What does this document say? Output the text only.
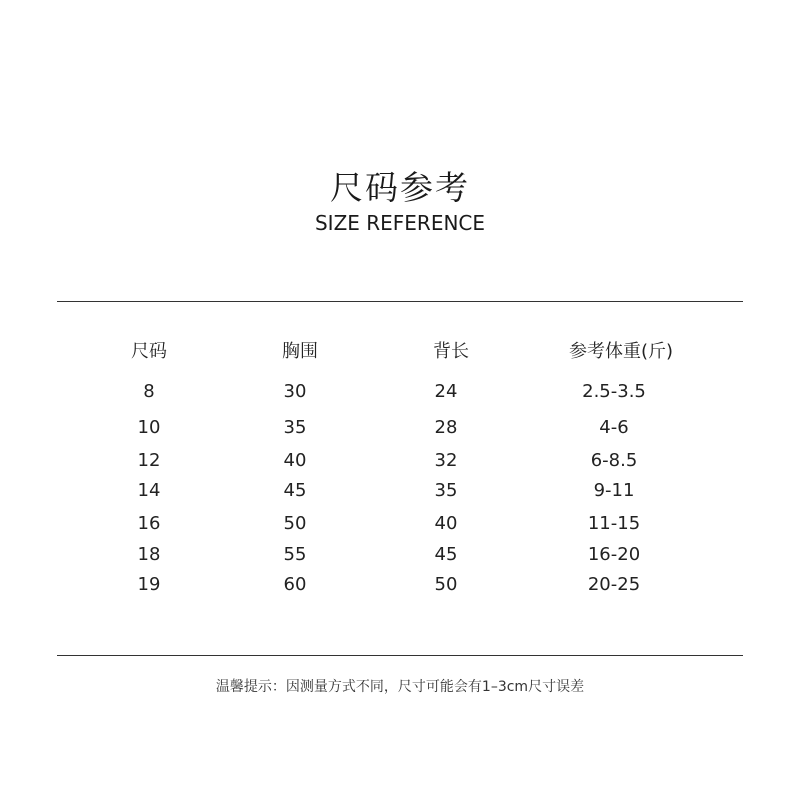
尺码参考
SIZE REFERENCE
尺码	胸围	背长	参考体重(斤)
8	30	24	2.5-3.5
10	35	28	4-6
12	40	32	6-8.5
14	45	35	9-11
16	50	40	11-15
18	55	45	16-20
19	60	50	20-25
温馨提示：因测量方式不同，尺寸可能会有1–3cm尺寸误差
